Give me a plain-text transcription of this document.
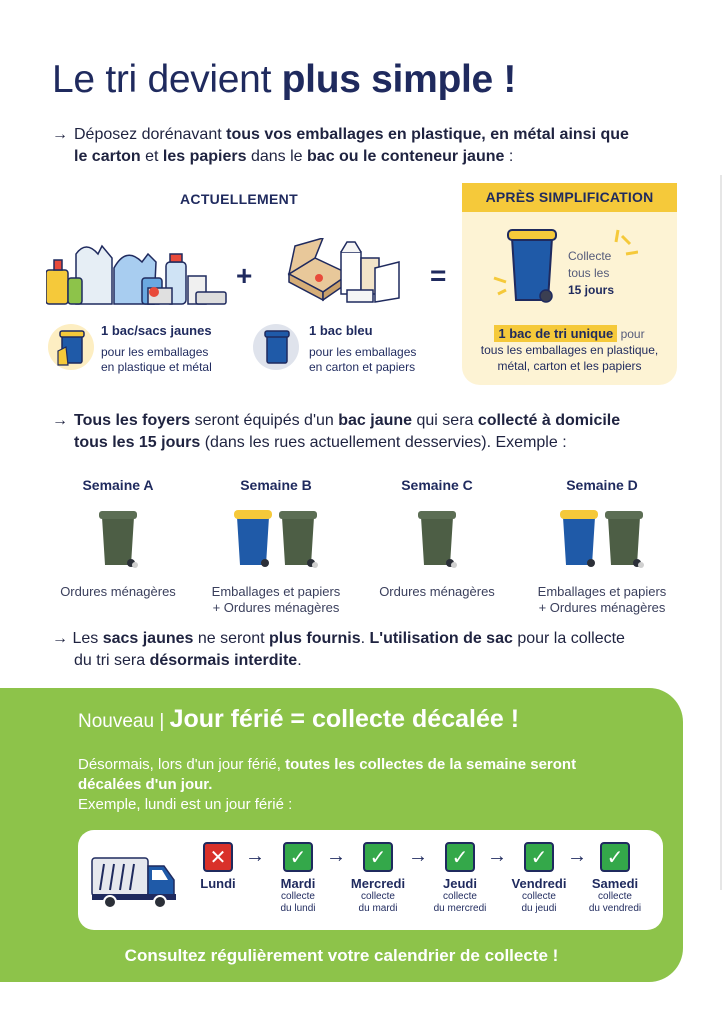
Le tri devient plus simple !

→ Déposez dorénavant tous vos emballages en plastique, en métal ainsi que
le carton et les papiers dans le bac ou le conteneur jaune :

ACTUELLEMENT
+	=
1 bac/sacs jaunes
pour les emballages
en plastique et métal
1 bac bleu
pour les emballages
en carton et papiers
APRÈS SIMPLIFICATION
Collecte
tous les
15 jours
1 bac de tri unique pour
tous les emballages en plastique,
métal, carton et les papiers

→ Tous les foyers seront équipés d'un bac jaune qui sera collecté à domicile
tous les 15 jours (dans les rues actuellement desservies). Exemple :

Semaine A
Ordures ménagères
Semaine B
Emballages et papiers
+ Ordures ménagères
Semaine C
Ordures ménagères
Semaine D
Emballages et papiers
+ Ordures ménagères

→ Les sacs jaunes ne seront plus fournis. L'utilisation de sac pour la collecte
du tri sera désormais interdite.

Nouveau | Jour férié = collecte décalée !
Désormais, lors d'un jour férié, toutes les collectes de la semaine seront
décalées d'un jour.
Exemple, lundi est un jour férié :
✕
Lundi
→	✓
Mardi
collecte
du lundi
→	✓
Mercredi
collecte
du mardi
→	✓
Jeudi
collecte
du mercredi
→	✓
Vendredi
collecte
du jeudi
→ ✓
Samedi
collecte
du vendredi
Consultez régulièrement votre calendrier de collecte !
